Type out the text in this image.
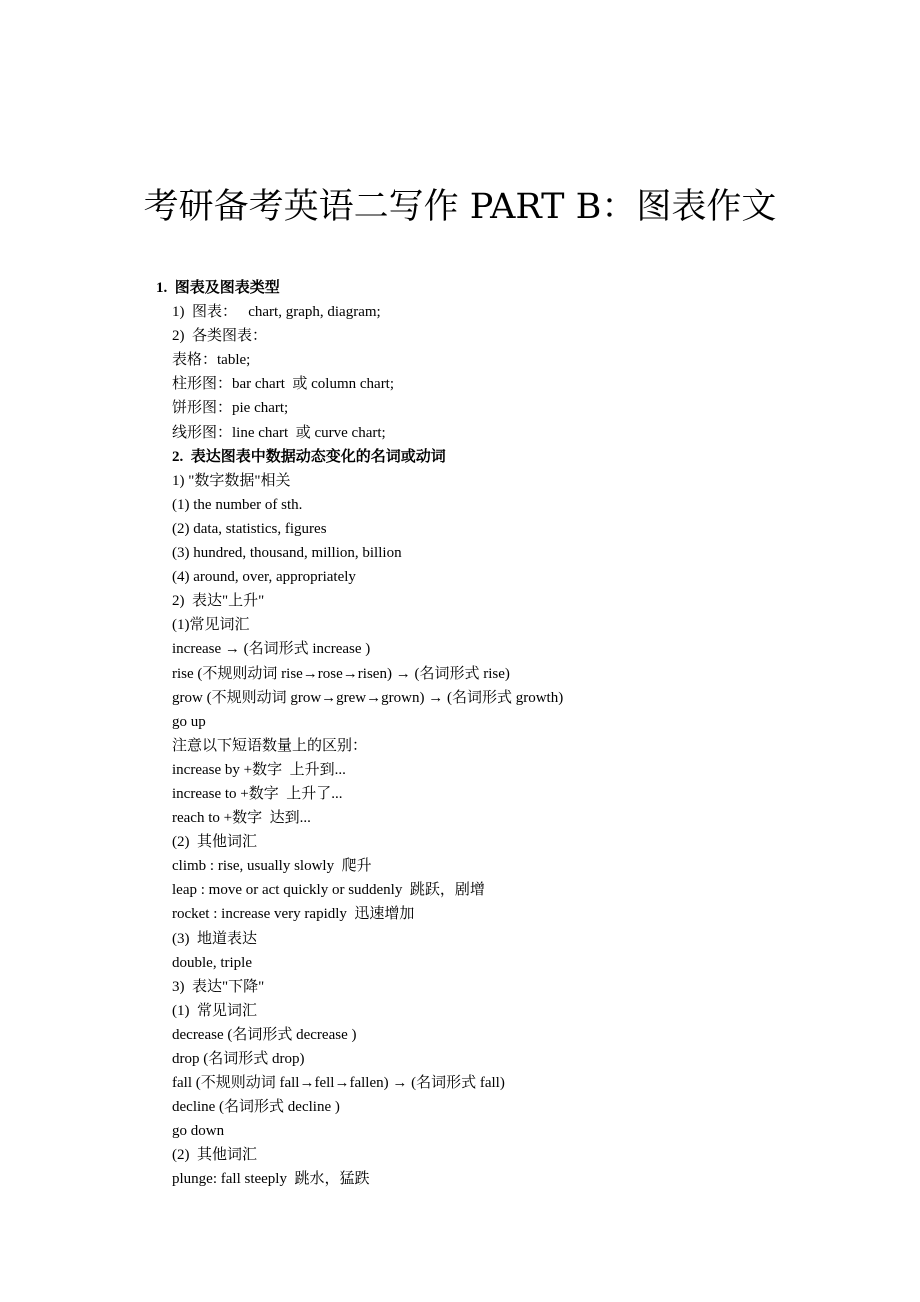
考研备考英语二写作 PART B：图表作文
1.  图表及图表类型
1)  图表：   chart, graph, diagram;
2)  各类图表：
表格：table;
柱形图：bar chart  或 column chart;
饼形图：pie chart;
线形图：line chart  或 curve chart;
2.  表达图表中数据动态变化的名词或动词
1) "数字数据"相关
(1) the number of sth.
(2) data, statistics, figures
(3) hundred, thousand, million, billion
(4) around, over, appropriately
2)  表达"上升"
(1)常见词汇
increase → (名词形式 increase )
rise (不规则动词 rise→rose→risen) → (名词形式 rise)
grow (不规则动词 grow→grew→grown) → (名词形式 growth)
go up
注意以下短语数量上的区别：
increase by +数字  上升到...
increase to +数字  上升了...
reach to +数字  达到...
(2)  其他词汇
climb : rise, usually slowly  爬升
leap : move or act quickly or suddenly  跳跃，剧增
rocket : increase very rapidly  迅速增加
(3)  地道表达
double, triple
3)  表达"下降"
(1)  常见词汇
decrease (名词形式 decrease )
drop (名词形式 drop)
fall (不规则动词 fall→fell→fallen) → (名词形式 fall)
decline (名词形式 decline )
go down
(2)  其他词汇
plunge: fall steeply  跳水，猛跌
